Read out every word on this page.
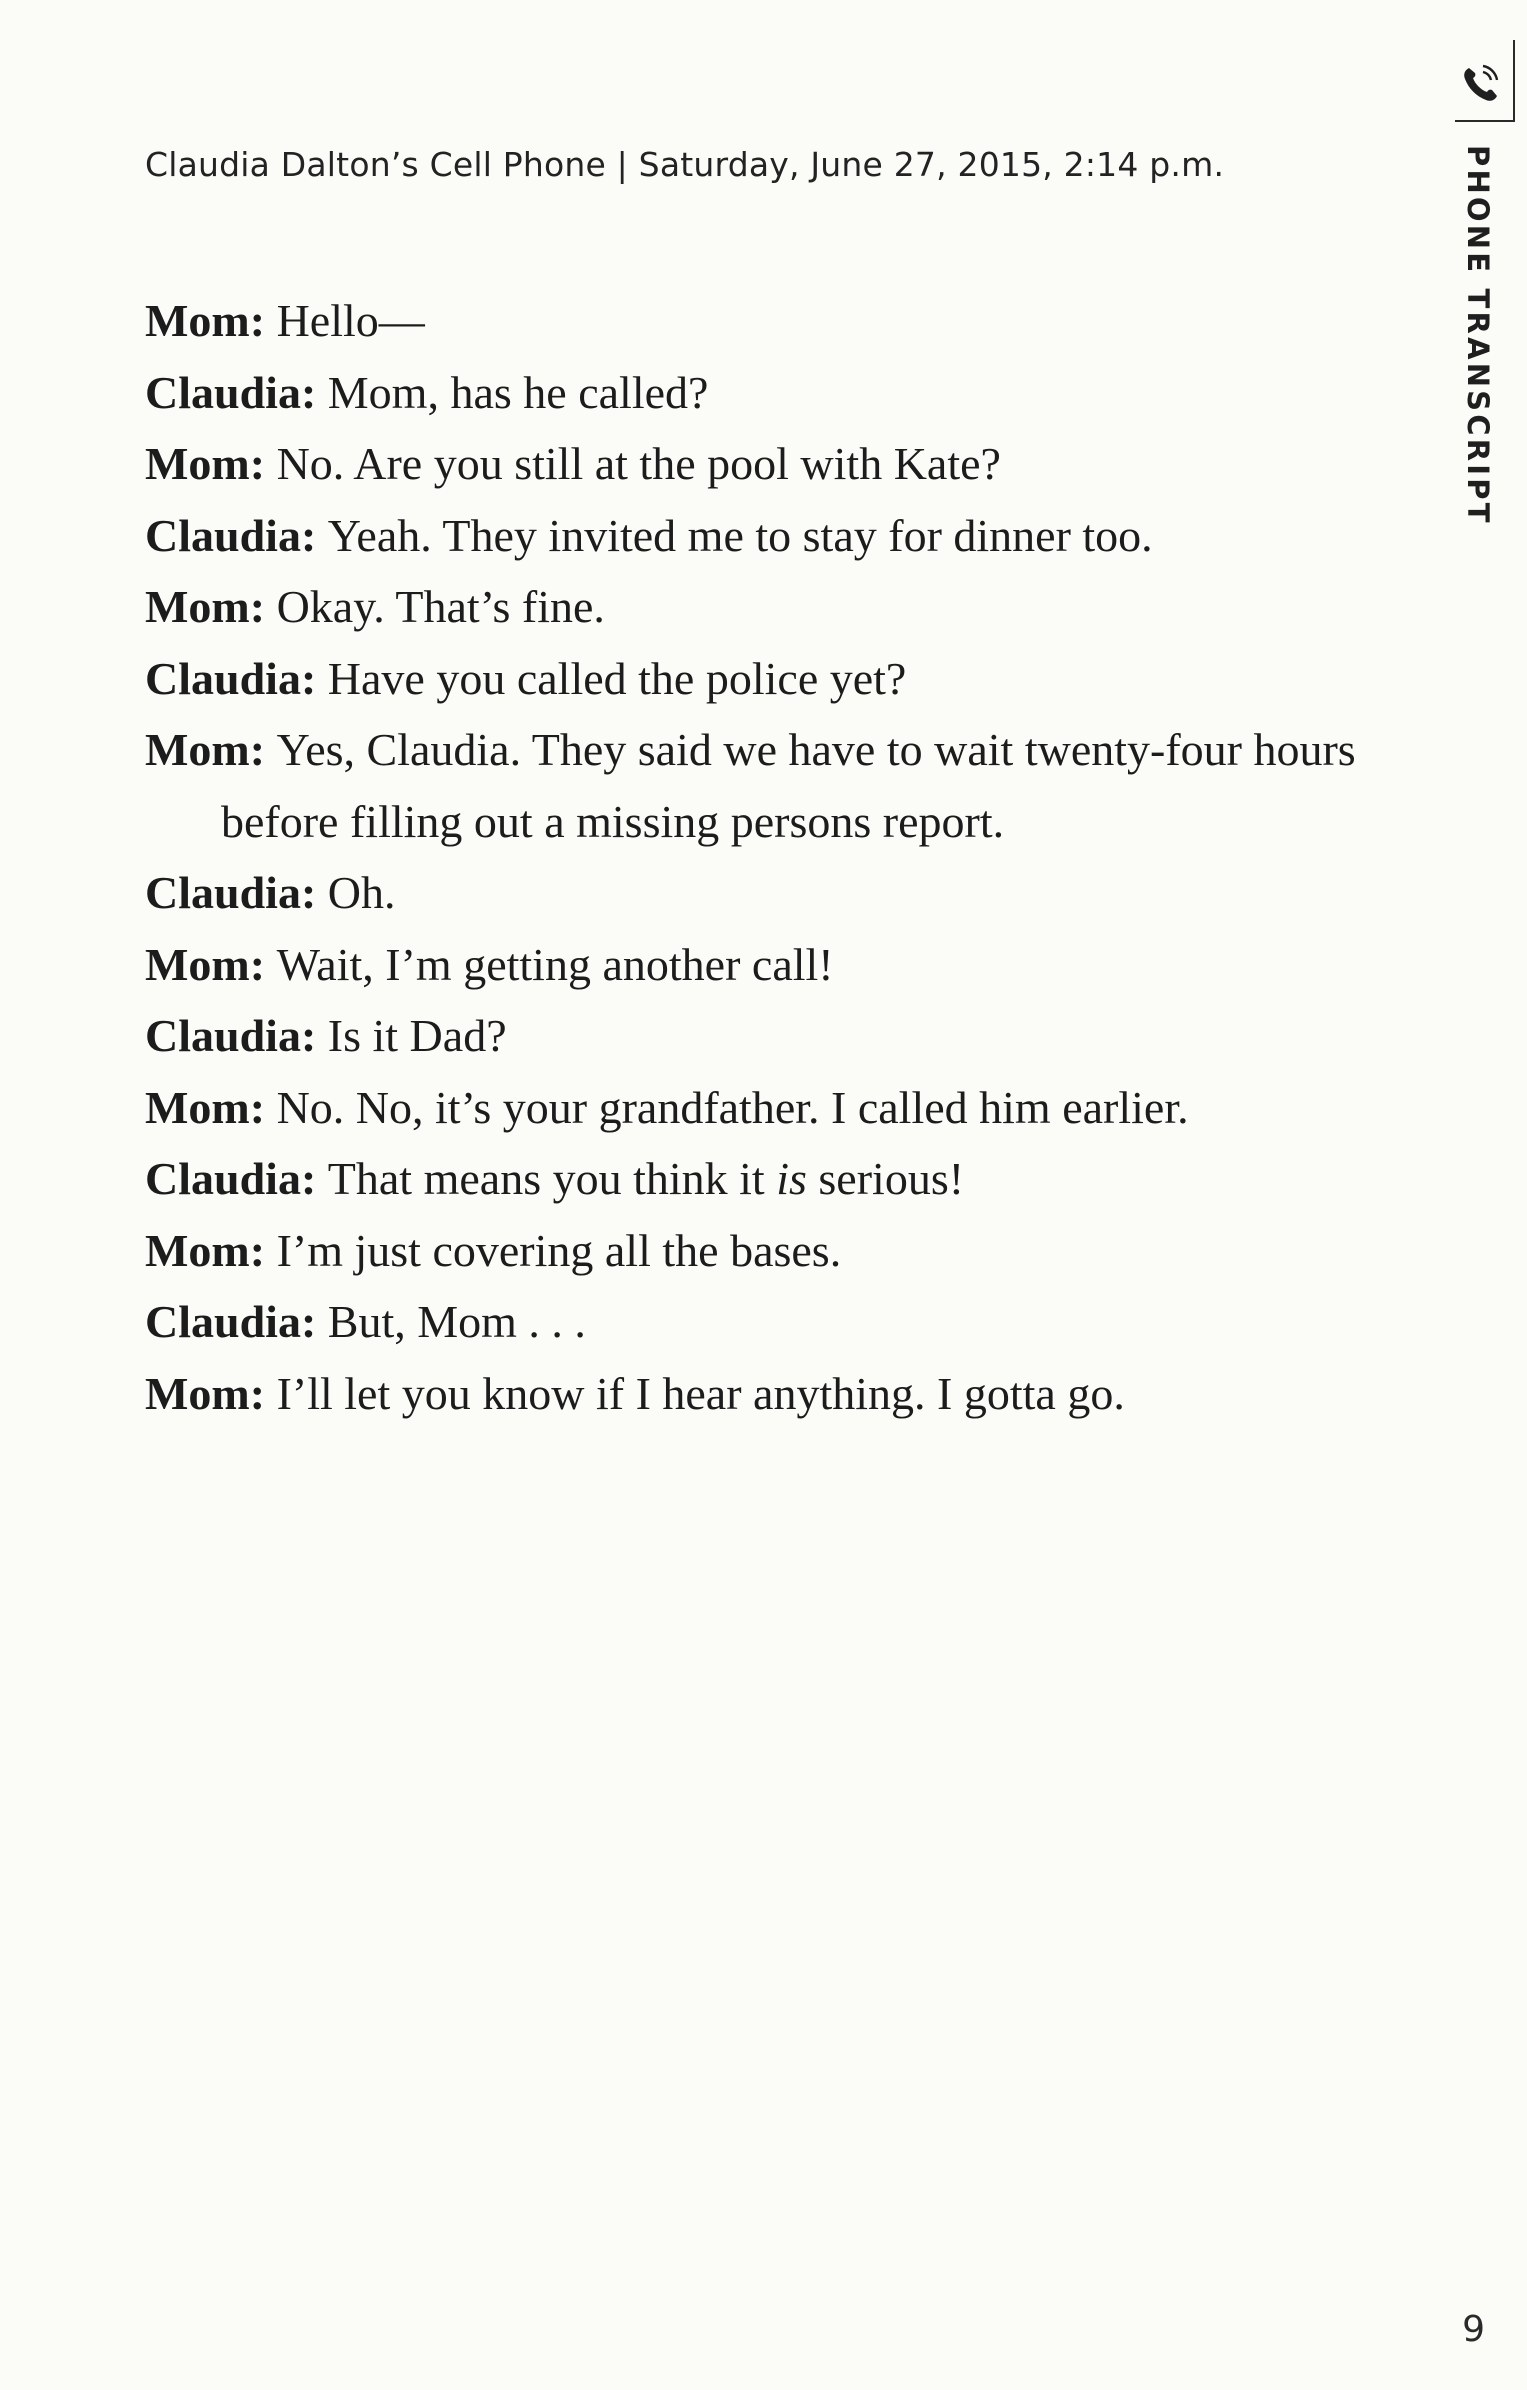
Claudia Dalton’s Cell Phone | Saturday, June 27, 2015, 2:14 p.m.	PHONE TRANSCRIPT
Mom: Hello—
Claudia: Mom, has he called?
Mom: No. Are you still at the pool with Kate?
Claudia: Yeah. They invited me to stay for dinner too.
Mom: Okay. That’s fine.
Claudia: Have you called the police yet?
Mom: Yes, Claudia. They said we have to wait twenty-four hours before filling out a missing persons report.
Claudia: Oh.
Mom: Wait, I’m getting another call!
Claudia: Is it Dad?
Mom: No. No, it’s your grandfather. I called him earlier.
Claudia: That means you think it is serious!
Mom: I’m just covering all the bases.
Claudia: But, Mom . . .
Mom: I’ll let you know if I hear anything. I gotta go.
9
